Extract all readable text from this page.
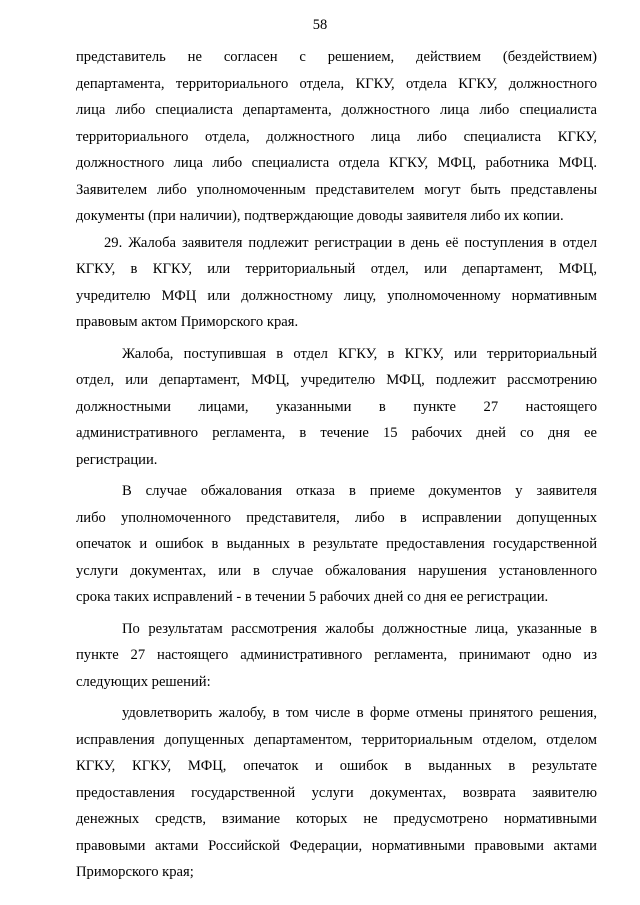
58
представитель не согласен с решением, действием (бездействием)
департамента, территориального отдела, КГКУ, отдела КГКУ, должностного
лица либо специалиста департамента, должностного лица либо специалиста
территориального отдела, должностного лица либо специалиста КГКУ,
должностного лица либо специалиста отдела КГКУ, МФЦ, работника МФЦ.
Заявителем либо уполномоченным представителем могут быть представлены
документы (при наличии), подтверждающие доводы заявителя либо их копии.
29. Жалоба заявителя подлежит регистрации в день её поступления в отдел
КГКУ, в КГКУ, или территориальный отдел, или департамент, МФЦ,
учредителю МФЦ или должностному лицу, уполномоченному нормативным
правовым актом Приморского края.
Жалоба, поступившая в отдел КГКУ, в КГКУ, или территориальный
отдел, или департамент, МФЦ, учредителю МФЦ, подлежит рассмотрению
должностными лицами, указанными в пункте 27 настоящего
административного регламента, в течение 15 рабочих дней со дня ее
регистрации.
В случае обжалования отказа в приеме документов у заявителя
либо уполномоченного представителя, либо в исправлении допущенных
опечаток и ошибок в выданных в результате предоставления государственной
услуги документах, или в случае обжалования нарушения установленного
срока таких исправлений - в течении 5 рабочих дней со дня ее регистрации.
По результатам рассмотрения жалобы должностные лица, указанные в
пункте 27 настоящего административного регламента, принимают одно из
следующих решений:
удовлетворить жалобу, в том числе в форме отмены принятого решения,
исправления допущенных департаментом, территориальным отделом, отделом
КГКУ, КГКУ, МФЦ, опечаток и ошибок в выданных в результате
предоставления государственной услуги документах, возврата заявителю
денежных средств, взимание которых не предусмотрено нормативными
правовыми актами Российской Федерации, нормативными правовыми актами
Приморского края;
